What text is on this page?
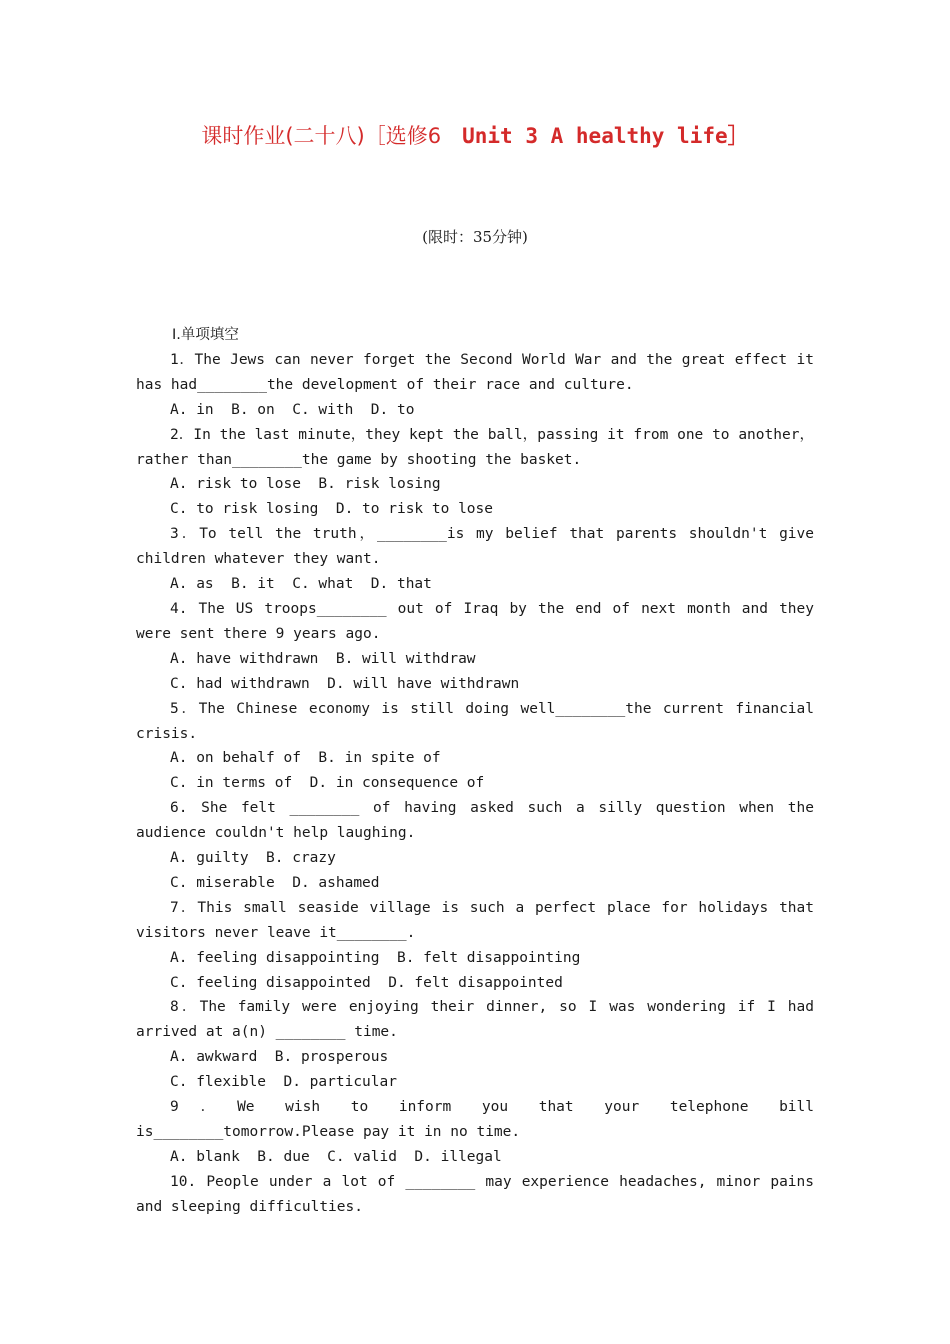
课时作业(二十八)［选修6　Unit 3 A healthy life］
(限时：35分钟)

Ⅰ.单项填空

1．The Jews can never forget the Second World War and the great effect it has had________the development of their race and culture.

A. in  B. on  C. with  D. to

2．In the last minute，they kept the ball，passing it from one to another，rather than________the game by shooting the basket.

A. risk to lose  B. risk losing

C. to risk losing  D. to risk to lose

3．To tell the truth，________is my belief that parents shouldn't give children whatever they want.

A. as  B. it  C. what  D. that

4. The US troops________ out of Iraq by the end of next month and they were sent there 9 years ago.

A. have withdrawn  B. will withdraw

C. had withdrawn  D. will have withdrawn

5．The Chinese economy is still doing well________the current financial crisis.

A. on behalf of  B. in spite of

C. in terms of  D. in consequence of

6. She felt ________ of having asked such a silly question when the audience couldn't help laughing.

A. guilty  B. crazy

C. miserable  D. ashamed

7．This small seaside village is such a perfect place for holidays that visitors never leave it________.

A. feeling disappointing  B. felt disappointing

C. feeling disappointed  D. felt disappointed

8．The family were enjoying their dinner, so I was wondering if I had arrived at a(n) ________ time.

A. awkward  B. prosperous

C. flexible  D. particular

9．We wish to inform you that your telephone bill is________tomorrow.Please pay it in no time.

A. blank  B. due  C. valid  D. illegal

10. People under a lot of ________ may experience headaches, minor pains and sleeping difficulties.
